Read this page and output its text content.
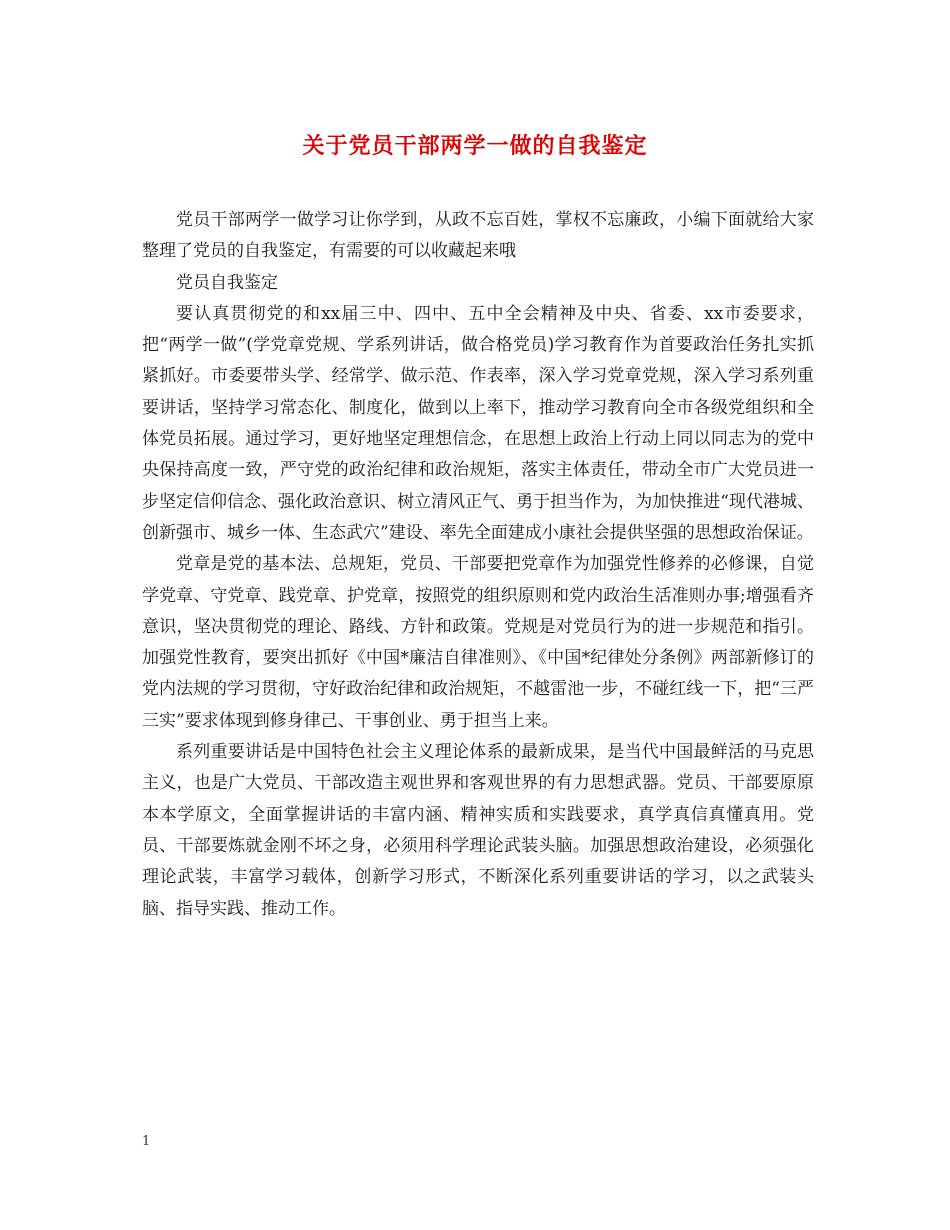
关于党员干部两学一做的自我鉴定

党员干部两学一做学习让你学到，从政不忘百姓，掌权不忘廉政，小编下面就给大家整理了党员的自我鉴定，有需要的可以收藏起来哦

党员自我鉴定

要认真贯彻党的和xx届三中、四中、五中全会精神及中央、省委、xx市委要求，把“两学一做”(学党章党规、学系列讲话，做合格党员)学习教育作为首要政治任务扎实抓紧抓好。市委要带头学、经常学、做示范、作表率，深入学习党章党规，深入学习系列重要讲话，坚持学习常态化、制度化，做到以上率下，推动学习教育向全市各级党组织和全体党员拓展。通过学习，更好地坚定理想信念，在思想上政治上行动上同以同志为的党中央保持高度一致，严守党的政治纪律和政治规矩，落实主体责任，带动全市广大党员进一步坚定信仰信念、强化政治意识、树立清风正气、勇于担当作为，为加快推进“现代港城、创新强市、城乡一体、生态武穴”建设、率先全面建成小康社会提供坚强的思想政治保证。

党章是党的基本法、总规矩，党员、干部要把党章作为加强党性修养的必修课，自觉学党章、守党章、践党章、护党章，按照党的组织原则和党内政治生活准则办事;增强看齐意识，坚决贯彻党的理论、路线、方针和政策。党规是对党员行为的进一步规范和指引。加强党性教育，要突出抓好《中国*廉洁自律准则》、《中国*纪律处分条例》两部新修订的党内法规的学习贯彻，守好政治纪律和政治规矩，不越雷池一步，不碰红线一下，把“三严三实”要求体现到修身律己、干事创业、勇于担当上来。

系列重要讲话是中国特色社会主义理论体系的最新成果，是当代中国最鲜活的马克思主义，也是广大党员、干部改造主观世界和客观世界的有力思想武器。党员、干部要原原本本学原文，全面掌握讲话的丰富内涵、精神实质和实践要求，真学真信真懂真用。党员、干部要炼就金刚不坏之身，必须用科学理论武装头脑。加强思想政治建设，必须强化理论武装，丰富学习载体，创新学习形式，不断深化系列重要讲话的学习，以之武装头脑、指导实践、推动工作。

1
